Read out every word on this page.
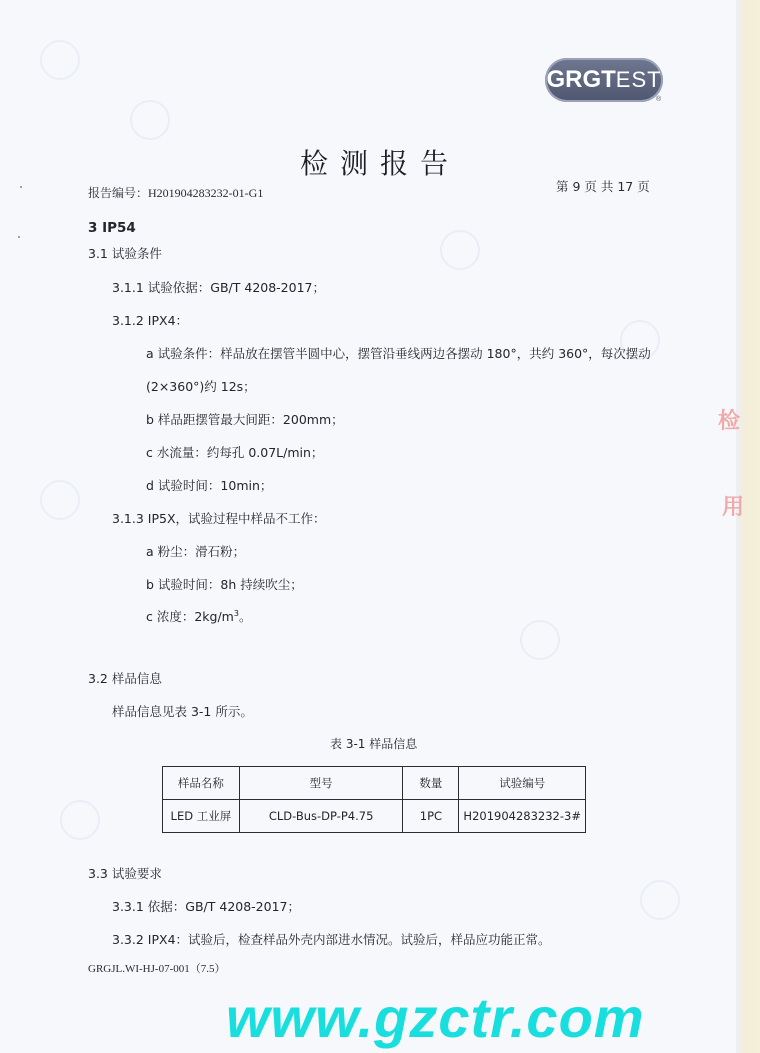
GRGT EST
®
检测报告
报告编号：H201904283232-01-G1	第 9 页 共 17 页
3 IP54
3.1 试验条件
3.1.1 试验依据：GB/T 4208-2017；
3.1.2 IPX4：
a 试验条件：样品放在摆管半圆中心，摆管沿垂线两边各摆动 180°，共约 360°，每次摆动
(2×360°)约 12s；
b 样品距摆管最大间距：200mm；
c 水流量：约每孔 0.07L/min；
d 试验时间：10min；
3.1.3 IP5X，试验过程中样品不工作：
a 粉尘：滑石粉；
b 试验时间：8h 持续吹尘；
c 浓度：$2kg/m^3$。
3.2 样品信息
样品信息见表 3-1 所示。
表 3-1 样品信息
样品名称	型号	数量	试验编号
LED 工业屏	CLD-Bus-DP-P4.75	1PC	H201904283232-3#
3.3 试验要求
3.3.1 依据：GB/T 4208-2017；
3.3.2 IPX4：试验后，检查样品外壳内部进水情况。试验后，样品应功能正常。
GRGJL.WI-HJ-07-001（7.5）
www.gzctr.com
检
用
